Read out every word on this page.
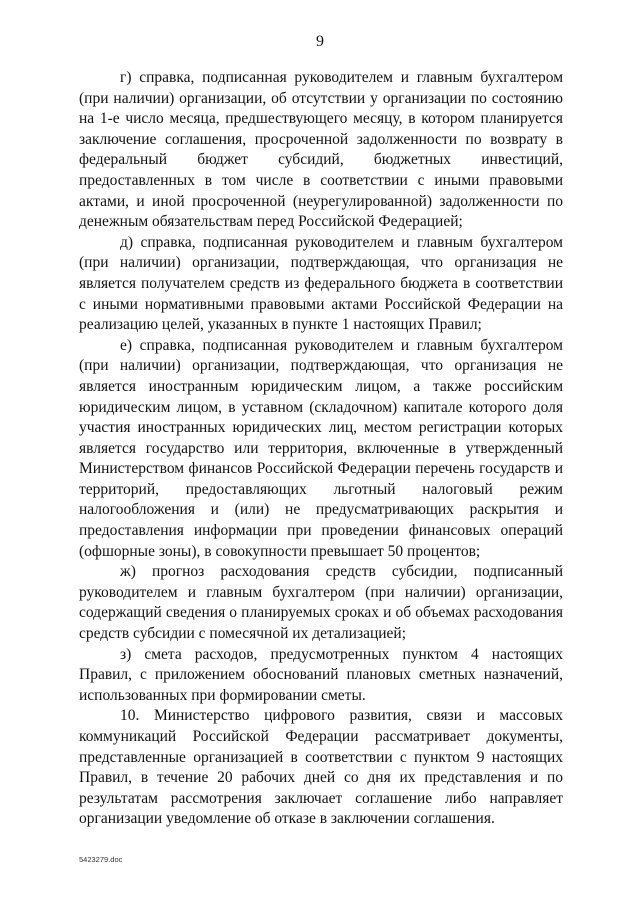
9

г) справка, подписанная руководителем и главным бухгалтером (при наличии) организации, об отсутствии у организации по состоянию на 1-е число месяца, предшествующего месяцу, в котором планируется заключение соглашения, просроченной задолженности по возврату в федеральный бюджет субсидий, бюджетных инвестиций, предоставленных в том числе в соответствии с иными правовыми актами, и иной просроченной (неурегулированной) задолженности по денежным обязательствам перед Российской Федерацией;

д) справка, подписанная руководителем и главным бухгалтером (при наличии) организации, подтверждающая, что организация не является получателем средств из федерального бюджета в соответствии с иными нормативными правовыми актами Российской Федерации на реализацию целей, указанных в пункте 1 настоящих Правил;

е) справка, подписанная руководителем и главным бухгалтером (при наличии) организации, подтверждающая, что организация не является иностранным юридическим лицом, а также российским юридическим лицом, в уставном (складочном) капитале которого доля участия иностранных юридических лиц, местом регистрации которых является государство или территория, включенные в утвержденный Министерством финансов Российской Федерации перечень государств и территорий, предоставляющих льготный налоговый режим налогообложения и (или) не предусматривающих раскрытия и предоставления информации при проведении финансовых операций (офшорные зоны), в совокупности превышает 50 процентов;

ж) прогноз расходования средств субсидии, подписанный руководителем и главным бухгалтером (при наличии) организации, содержащий сведения о планируемых сроках и об объемах расходования средств субсидии с помесячной их детализацией;

з) смета расходов, предусмотренных пунктом 4 настоящих Правил, с приложением обоснований плановых сметных назначений, использованных при формировании сметы.

10. Министерство цифрового развития, связи и массовых коммуникаций Российской Федерации рассматривает документы, представленные организацией в соответствии с пунктом 9 настоящих Правил, в течение 20 рабочих дней со дня их представления и по результатам рассмотрения заключает соглашение либо направляет организации уведомление об отказе в заключении соглашения.

5423279.doc
